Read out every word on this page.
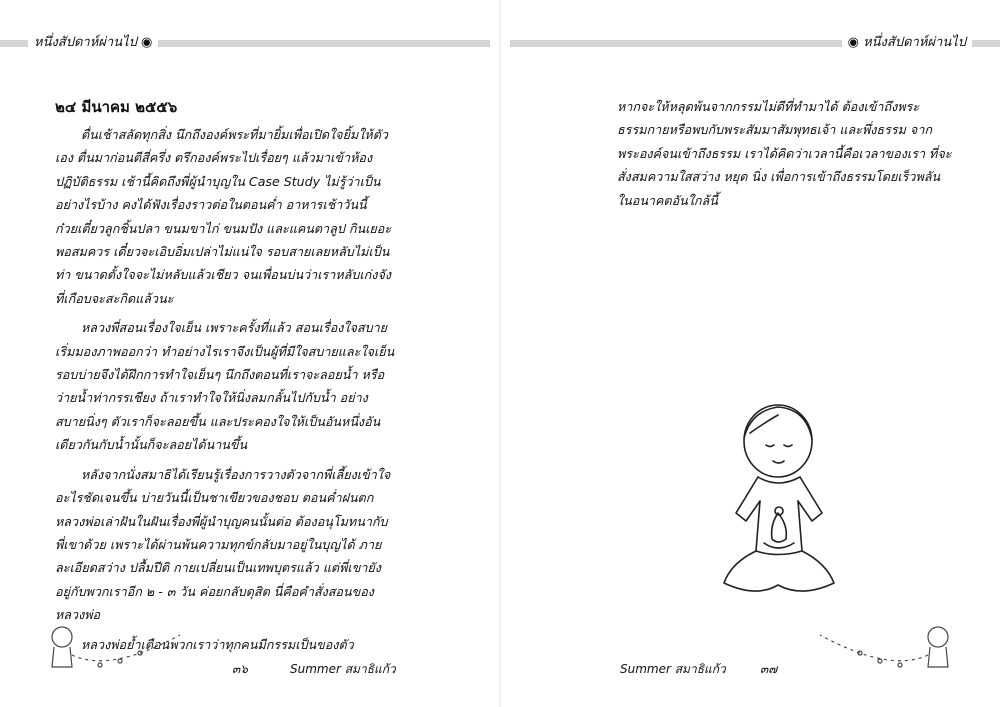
หนึ่งสัปดาห์ผ่านไป ◉	◉ หนึ่งสัปดาห์ผ่านไป
๒๔ มีนาคม ๒๕๕๖

ตื่นเช้าสลัดทุกสิ่ง นึกถึงองค์พระที่มายิ้มเพื่อเปิดใจยิ้มให้ตัวเอง ตื่นมาก่อนตีสี่ครึ่ง ตรึกองค์พระไปเรื่อยๆ แล้วมาเข้าห้องปฏิบัติธรรม เช้านี้คิดถึงพี่ผู้นำบุญใน Case Study ไม่รู้ว่าเป็นอย่างไรบ้าง คงได้ฟังเรื่องราวต่อในตอนค่ำ อาหารเช้าวันนี้ก๋วยเตี๋ยวลูกชิ้นปลา ขนมขาไก่ ขนมปัง และแคนตาลูป กินเยอะพอสมควร เดี๋ยวจะเอิบอิ่มเปล่าไม่แน่ใจ รอบสายเลยหลับไม่เป็นท่า ขนาดตั้งใจจะไม่หลับแล้วเชียว จนเพื่อนบ่นว่าเราหลับเก่งจัง ที่เกือบจะสะกิดแล้วนะ

หลวงพี่สอนเรื่องใจเย็น เพราะครั้งที่แล้ว สอนเรื่องใจสบาย เริ่มมองภาพออกว่า ทำอย่างไรเราจึงเป็นผู้ที่มีใจสบายและใจเย็น รอบบ่ายจึงได้ฝึกการทำใจเย็นๆ นึกถึงตอนที่เราจะลอยน้ำ หรือว่ายน้ำท่ากรรเชียง ถ้าเราทำใจให้นิ่งลมกลั้นไปกับน้ำ อย่างสบายนิ่งๆ ตัวเราก็จะลอยขึ้น และประคองใจให้เป็นอันหนึ่งอันเดียวกันกับน้ำนั้นก็จะลอยได้นานขึ้น

หลังจากนั่งสมาธิได้เรียนรู้เรื่องการวางตัวจากพี่เลี้ยงเข้าใจอะไรชัดเจนขึ้น บ่ายวันนี้เป็นชาเขียวของชอบ ตอนค่ำฝนตก หลวงพ่อเล่าฝันในฝันเรื่องพี่ผู้นำบุญคนนั้นต่อ ต้องอนุโมทนากับพี่เขาด้วย เพราะได้ผ่านพ้นความทุกข์กลับมาอยู่ในบุญได้ ภายละเอียดสว่าง ปลื้มปีติ กายเปลี่ยนเป็นเทพบุตรแล้ว แต่พี่เขายังอยู่กับพวกเราอีก ๒ - ๓ วัน ค่อยกลับดุสิต นี่คือคำสั่งสอนของหลวงพ่อ

หลวงพ่อย้ำเตือนพวกเราว่าทุกคนมีกรรมเป็นของตัว

หากจะให้หลุดพ้นจากกรรมไม่ดีที่ทำมาได้ ต้องเข้าถึงพระธรรมกายหรือพบกับพระสัมมาสัมพุทธเจ้า และพึ่งธรรม จากพระองค์จนเข้าถึงธรรม เราได้คิดว่าเวลานี้คือเวลาของเรา ที่จะสั่งสมความใสสว่าง หยุด นิ่ง เพื่อการเข้าถึงธรรมโดยเร็วพลัน ในอนาคตอันใกล้นี้

๓๖	Summer สมาธิแก้ว	Summer สมาธิแก้ว	๓๗
